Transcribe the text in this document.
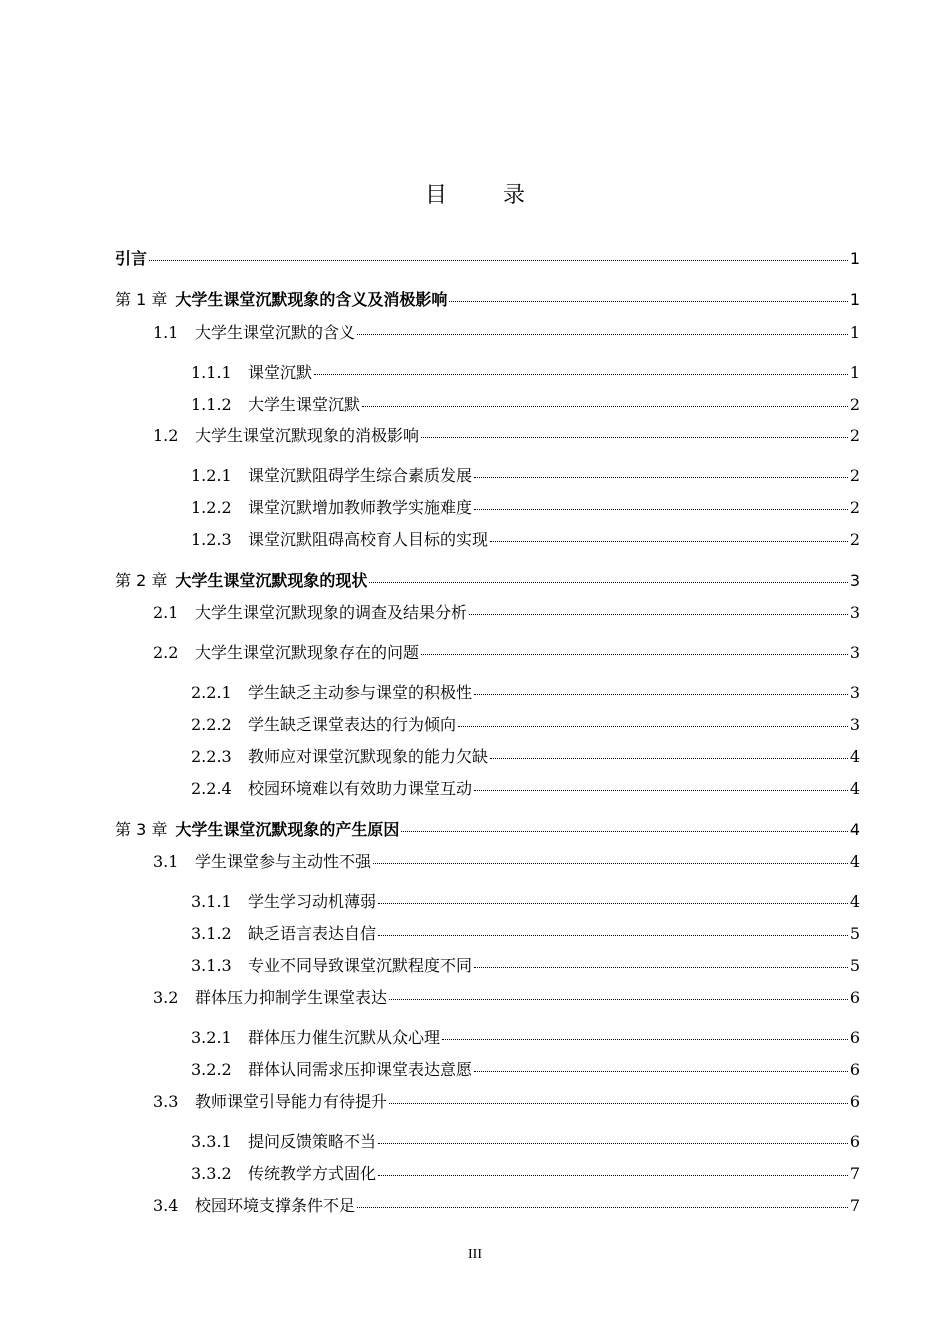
目	录
引言	1
第 1 章 大学生课堂沉默现象的含义及消极影响	1
1.1	大学生课堂沉默的含义	1
1.1.1	课堂沉默	1
1.1.2	大学生课堂沉默	2
1.2	大学生课堂沉默现象的消极影响	2
1.2.1	课堂沉默阻碍学生综合素质发展	2
1.2.2	课堂沉默增加教师教学实施难度	2
1.2.3	课堂沉默阻碍高校育人目标的实现	2
第 2 章 大学生课堂沉默现象的现状	3
2.1	大学生课堂沉默现象的调查及结果分析	3
2.2	大学生课堂沉默现象存在的问题	3
2.2.1	学生缺乏主动参与课堂的积极性	3
2.2.2	学生缺乏课堂表达的行为倾向	3
2.2.3	教师应对课堂沉默现象的能力欠缺	4
2.2.4	校园环境难以有效助力课堂互动	4
第 3 章 大学生课堂沉默现象的产生原因	4
3.1	学生课堂参与主动性不强	4
3.1.1	学生学习动机薄弱	4
3.1.2	缺乏语言表达自信	5
3.1.3	专业不同导致课堂沉默程度不同	5
3.2	群体压力抑制学生课堂表达	6
3.2.1	群体压力催生沉默从众心理	6
3.2.2	群体认同需求压抑课堂表达意愿	6
3.3	教师课堂引导能力有待提升	6
3.3.1	提问反馈策略不当	6
3.3.2	传统教学方式固化	7
3.4	校园环境支撑条件不足	7
III
